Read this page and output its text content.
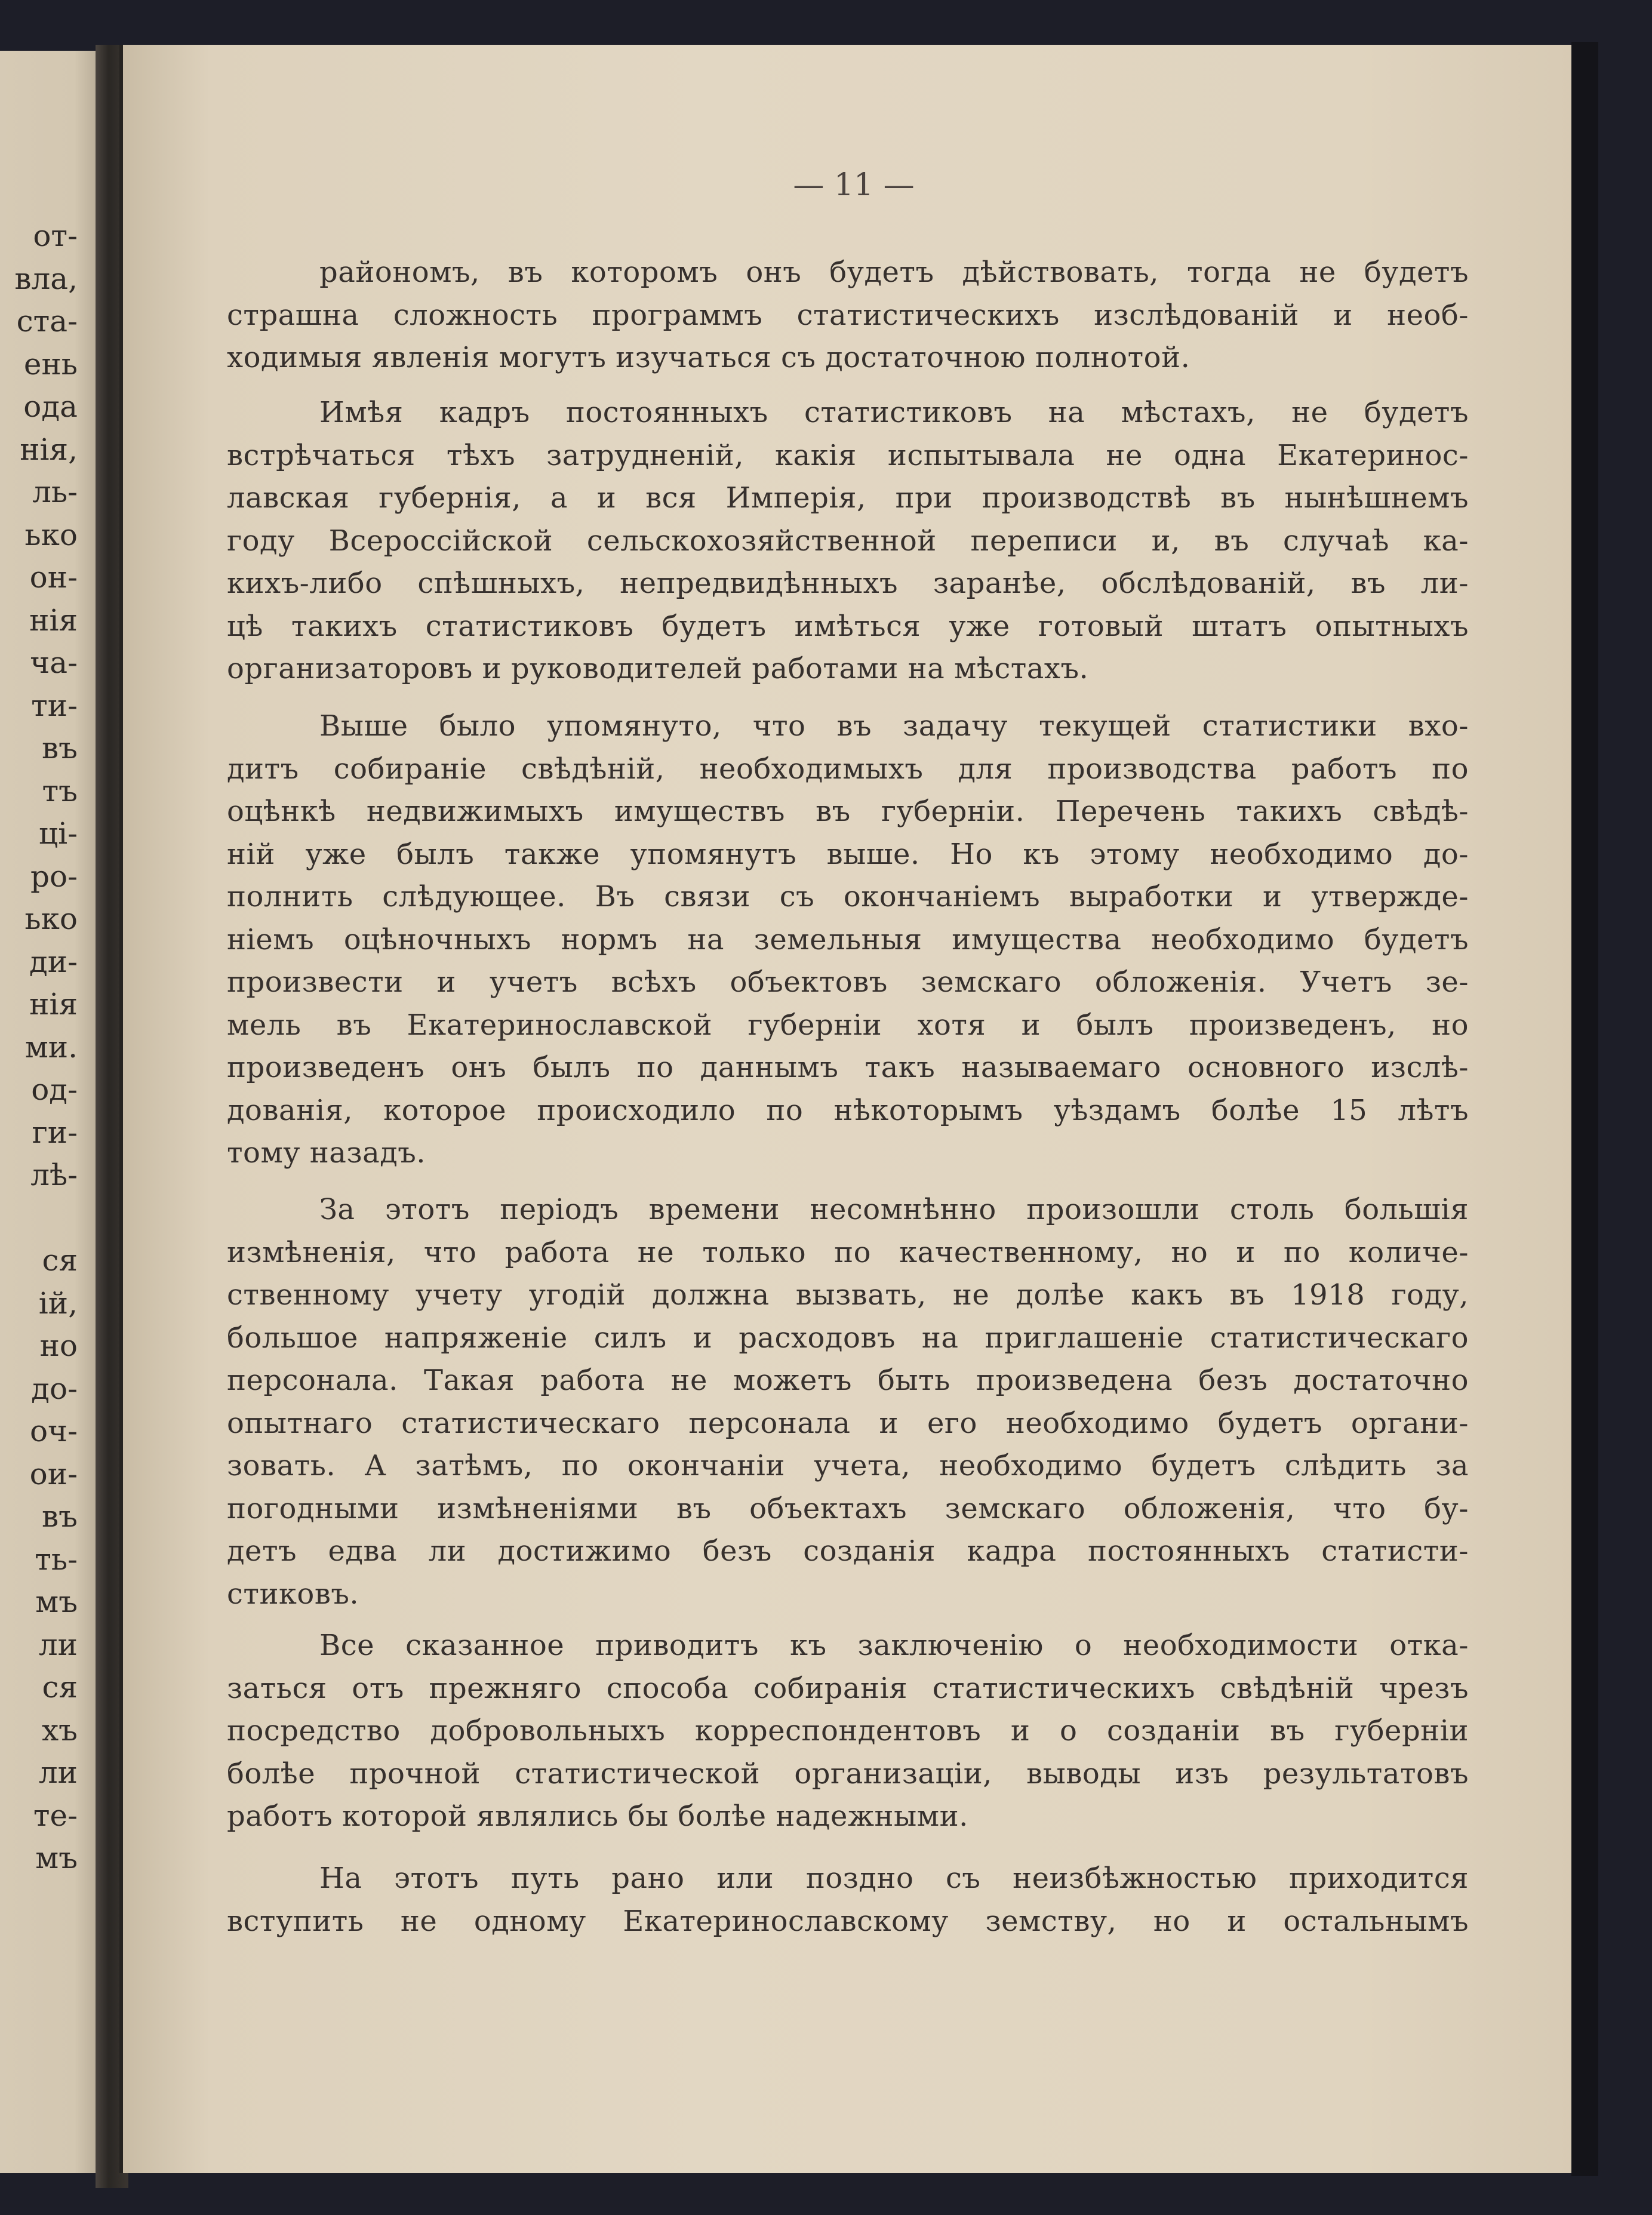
от-
вла,
ста-
ень
ода
нія,
ль-
ько
он-
нія
ча-
ти-
въ
тъ
ці-
ро-
ько
ди-
нія
ми.
од-
ги-
лѣ-
ся
ій,
но
до-
оч-
ои-
въ
ть-
мъ
ли
ся
хъ
ли
те-
мъ
— 11 —
райономъ, въ которомъ онъ будетъ дѣйствовать, тогда не будетъ
страшна сложность программъ статистическихъ изслѣдованій и необ-
ходимыя явленія могутъ изучаться съ достаточною полнотой.
Имѣя кадръ постоянныхъ статистиковъ на мѣстахъ, не будетъ
встрѣчаться тѣхъ затрудненій, какія испытывала не одна Екатеринос-
лавская губернія, а и вся Имперія, при производствѣ въ нынѣшнемъ
году Всероссійской сельскохозяйственной переписи и, въ случаѣ ка-
кихъ-либо спѣшныхъ, непредвидѣнныхъ заранѣе, обслѣдованій, въ ли-
цѣ такихъ статистиковъ будетъ имѣться уже готовый штатъ опытныхъ
организаторовъ и руководителей работами на мѣстахъ.
Выше было упомянуто, что въ задачу текущей статистики вхо-
дитъ собираніе свѣдѣній, необходимыхъ для производства работъ по
оцѣнкѣ недвижимыхъ имуществъ въ губерніи. Перечень такихъ свѣдѣ-
ній уже былъ также упомянутъ выше. Но къ этому необходимо до-
полнить слѣдующее. Въ связи съ окончаніемъ выработки и утвержде-
ніемъ оцѣночныхъ нормъ на земельныя имущества необходимо будетъ
произвести и учетъ всѣхъ объектовъ земскаго обложенія. Учетъ зе-
мель въ Екатеринославской губерніи хотя и былъ произведенъ, но
произведенъ онъ былъ по даннымъ такъ называемаго основного изслѣ-
дованія, которое происходило по нѣкоторымъ уѣздамъ болѣе 15 лѣтъ
тому назадъ.
За этотъ періодъ времени несомнѣнно произошли столь большія
измѣненія, что работа не только по качественному, но и по количе-
ственному учету угодій должна вызвать, не долѣе какъ въ 1918 году,
большое напряженіе силъ и расходовъ на приглашеніе статистическаго
персонала. Такая работа не можетъ быть произведена безъ достаточно
опытнаго статистическаго персонала и его необходимо будетъ органи-
зовать. А затѣмъ, по окончаніи учета, необходимо будетъ слѣдить за
погодными измѣненіями въ объектахъ земскаго обложенія, что бу-
детъ едва ли достижимо безъ созданія кадра постоянныхъ статисти-
стиковъ.
Все сказанное приводитъ къ заключенію о необходимости отка-
заться отъ прежняго способа собиранія статистическихъ свѣдѣній чрезъ
посредство добровольныхъ корреспондентовъ и о созданіи въ губерніи
болѣе прочной статистической организаціи, выводы изъ результатовъ
работъ которой являлись бы болѣе надежными.
На этотъ путь рано или поздно съ неизбѣжностью приходится
вступить не одному Екатеринославскому земству, но и остальнымъ
